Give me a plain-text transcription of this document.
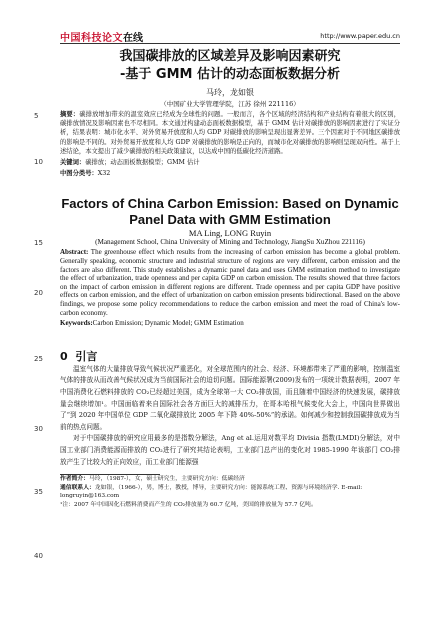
中国科技论文 在线	http://www.paper.edu.cn
5
10
15
20
25
30
35
40
我国碳排放的区域差异及影响因素研究
-基于 GMM 估计的动态面板数据分析
马玲，龙如银
（中国矿业大学管理学院，江苏 徐州 221116）
摘要：碳排放增加带来的温室效应已经成为全球性的问题。一般而言，各个区域的经济结构和产业结构有着很大的区别，碳排放情况及影响因素也不尽相同。本文通过构建动态面板数据模型，基于 GMM 估计对碳排放的影响因素进行了实证分析，结果表明：城市化水平、对外贸易开放度和人均 GDP 对碳排放的影响呈现出显著差异。三个因素对于不同地区碳排放的影响是不同的。对外贸易开放度和人均 GDP 对碳排放的影响是正向的，而城市化对碳排放的影响则呈现双向性。基于上述结论，本文提出了减少碳排放的相关政策建议，以达成中国的低碳化经济道路。
关键词：碳排放；动态面板数据模型；GMM 估计
中图分类号：X32
Factors of China Carbon Emission: Based on Dynamic
Panel Data with GMM Estimation
MA Ling, LONG Ruyin
(Management School, China University of Mining and Technology, JiangSu XuZhou 221116)
Abstract: The greenhouse effect which results from the increasing of carbon emission has become a global problem. Generally speaking, economic structure and industrial structure of regions are very different, carbon emission and the factors are also different. This study establishes a dynamic panel data and uses GMM estimation method to investigate the effect of urbanization, trade openness and per capita GDP on carbon emission. The results showed that three factors on the impact of carbon emission in different regions are different. Trade openness and per capita GDP have positive effects on carbon emission, and the effect of urbanization on carbon emission presents bidirectional. Based on the above findings, we propose some policy recommendations to reduce the carbon emission and meet the road of China's low-carbon economy.
Keywords:Carbon Emission; Dynamic Model; GMM Estimation
0 引言

温室气体的大量排放导致气候状况严重恶化，对全球范围内的社会、经济、环境都带来了严重的影响，控制温室气体的排放从而改善气候状况成为当前国际社会的迫切问题。国际能源署(2009)发布的一项统计数据表明，2007 年中国消费化石燃料排放的 CO₂已经超过美国，成为全球第一大 CO₂排放国，而且随着中国经济的快速发展，碳排放量会继续增加¹。中国面临着来自国际社会各方面巨大的减排压力，在哥本哈根气候变化大会上，中国向世界做出了“到 2020 年中国单位 GDP 二氧化碳排放比 2005 年下降 40%-50%”的承诺。如何减少和控制我国碳排放成为当前的热点问题。

对于中国碳排放的研究应用最多的是指数分解法，Ang et al.运用对数平均 Divisia 指数(LMDI)分解法，对中国工业部门消费能源而排放的 CO₂进行了研究其结论表明，工业部门总产出的变化对 1985-1990 年该部门 CO₂排放产生了比较大的正向效应，而工业部门能源强

作者简介：马玲，（1987-），女，硕士研究生，主要研究方向：低碳经济

通信联系人：龙如银，（1966-），男，博士，教授，博导，主要研究方向：能源系统工程、资源与环境经济学. E-mail: longruyin@163.com

¹注：2007 年中国因化石燃料消费而产生的 CO₂排放量为 60.7 亿吨，美国的排放量为 57.7 亿吨。
